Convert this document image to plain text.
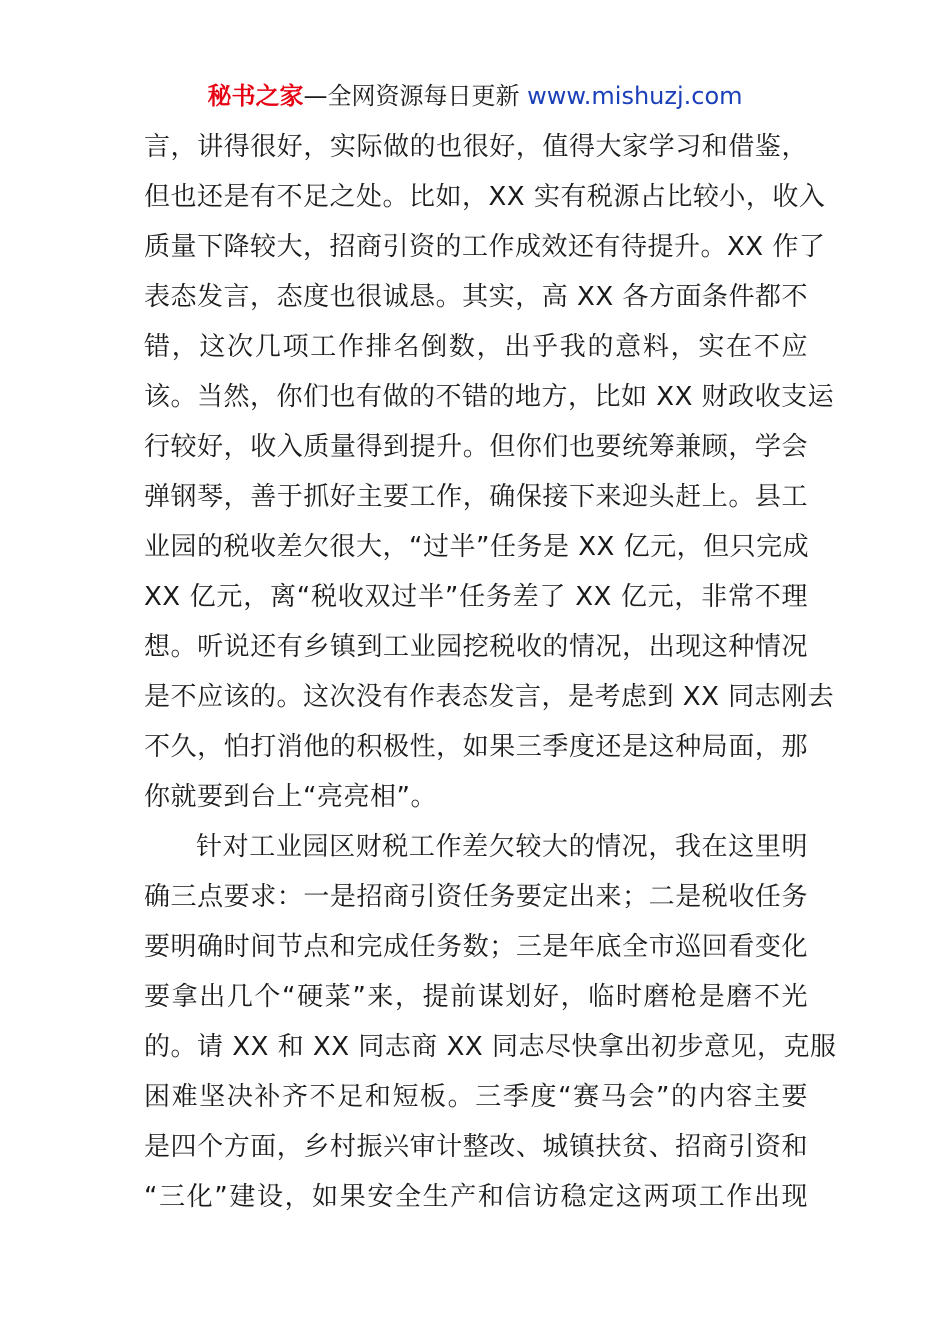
秘书之家—全网资源每日更新 www.mishuzj.com
言，讲得很好，实际做的也很好，值得大家学习和借鉴，
但也还是有不足之处。比如，XX 实有税源占比较小，收入
质量下降较大，招商引资的工作成效还有待提升。XX 作了
表态发言，态度也很诚恳。其实，高 XX 各方面条件都不
错，这次几项工作排名倒数，出乎我的意料，实在不应
该。当然，你们也有做的不错的地方，比如 XX 财政收支运
行较好，收入质量得到提升。但你们也要统筹兼顾，学会
弹钢琴，善于抓好主要工作，确保接下来迎头赶上。县工
业园的税收差欠很大，“过半”任务是 XX 亿元，但只完成
XX 亿元，离“税收双过半”任务差了 XX 亿元，非常不理
想。听说还有乡镇到工业园挖税收的情况，出现这种情况
是不应该的。这次没有作表态发言，是考虑到 XX 同志刚去
不久，怕打消他的积极性，如果三季度还是这种局面，那
你就要到台上“亮亮相”。
针对工业园区财税工作差欠较大的情况，我在这里明
确三点要求：一是招商引资任务要定出来；二是税收任务
要明确时间节点和完成任务数；三是年底全市巡回看变化
要拿出几个“硬菜”来，提前谋划好，临时磨枪是磨不光
的。请 XX 和 XX 同志商 XX 同志尽快拿出初步意见，克服
困难坚决补齐不足和短板。三季度“赛马会”的内容主要
是四个方面，乡村振兴审计整改、城镇扶贫、招商引资和
“三化”建设，如果安全生产和信访稳定这两项工作出现
